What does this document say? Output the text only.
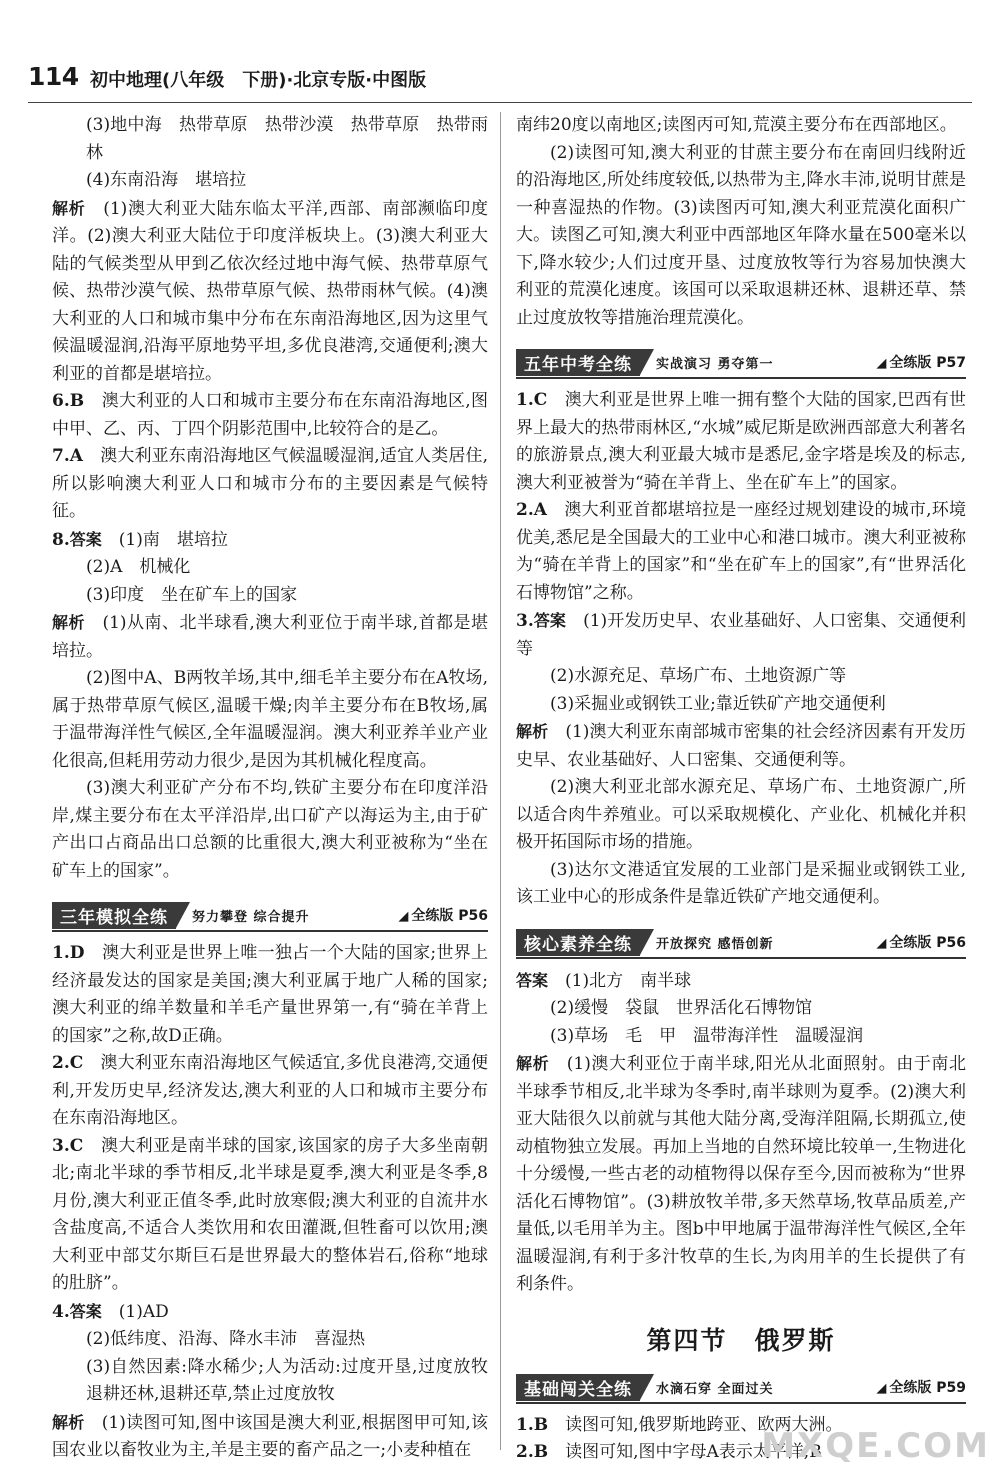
114 初中地理(八年级　下册)·北京专版·中图版

(3)地中海　热带草原　热带沙漠　热带草原　热带雨林

(4)东南沿海　堪培拉

解析　 (1)澳大利亚大陆东临太平洋,西部、南部濒临印度洋。(2)澳大利亚大陆位于印度洋板块上。(3)澳大利亚大陆的气候类型从甲到乙依次经过地中海气候、热带草原气候、热带沙漠气候、热带草原气候、热带雨林气候。(4)澳大利亚的人口和城市集中分布在东南沿海地区,因为这里气候温暖湿润,沿海平原地势平坦,多优良港湾,交通便利;澳大利亚的首都是堪培拉。

6.B　 澳大利亚的人口和城市主要分布在东南沿海地区,图中甲、乙、丙、丁四个阴影范围中,比较符合的是乙。

7.A　 澳大利亚东南沿海地区气候温暖湿润,适宜人类居住,所以影响澳大利亚人口和城市分布的主要因素是气候特征。

8.答案　 (1)南　堪培拉

(2)A　机械化

(3)印度　坐在矿车上的国家

解析　 (1)从南、北半球看,澳大利亚位于南半球,首都是堪培拉。

(2)图中A、B两牧羊场,其中,细毛羊主要分布在A牧场,属于热带草原气候区,温暖干燥;肉羊主要分布在B牧场,属于温带海洋性气候区,全年温暖湿润。澳大利亚养羊业产业化很高,但耗用劳动力很少,是因为其机械化程度高。

(3)澳大利亚矿产分布不均,铁矿主要分布在印度洋沿岸,煤主要分布在太平洋沿岸,出口矿产以海运为主,由于矿产出口占商品出口总额的比重很大,澳大利亚被称为“坐在矿车上的国家”。

三年模拟全练	努力攀登 综合提升	◢ 全练版 P56

1.D　 澳大利亚是世界上唯一独占一个大陆的国家;世界上经济最发达的国家是美国;澳大利亚属于地广人稀的国家;澳大利亚的绵羊数量和羊毛产量世界第一,有“骑在羊背上的国家”之称,故D正确。

2.C　 澳大利亚东南沿海地区气候适宜,多优良港湾,交通便利,开发历史早,经济发达,澳大利亚的人口和城市主要分布在东南沿海地区。

3.C　 澳大利亚是南半球的国家,该国家的房子大多坐南朝北;南北半球的季节相反,北半球是夏季,澳大利亚是冬季,8月份,澳大利亚正值冬季,此时放寒假;澳大利亚的自流井水含盐度高,不适合人类饮用和农田灌溉,但牲畜可以饮用;澳大利亚中部艾尔斯巨石是世界最大的整体岩石,俗称“地球的肚脐”。

4.答案　 (1)AD

(2)低纬度、沿海、降水丰沛　喜湿热

(3)自然因素:降水稀少;人为活动:过度开垦,过度放牧　退耕还林,退耕还草,禁止过度放牧

解析　 (1)读图可知,图中该国是澳大利亚,根据图甲可知,该国农业以畜牧业为主,羊是主要的畜产品之一;小麦种植在

南纬20度以南地区;读图丙可知,荒漠主要分布在西部地区。

(2)读图可知,澳大利亚的甘蔗主要分布在南回归线附近的沿海地区,所处纬度较低,以热带为主,降水丰沛,说明甘蔗是一种喜湿热的作物。(3)读图丙可知,澳大利亚荒漠化面积广大。读图乙可知,澳大利亚中西部地区年降水量在500毫米以下,降水较少;人们过度开垦、过度放牧等行为容易加快澳大利亚的荒漠化速度。该国可以采取退耕还林、退耕还草、禁止过度放牧等措施治理荒漠化。

五年中考全练	实战演习 勇夺第一	◢ 全练版 P57

1.C　 澳大利亚是世界上唯一拥有整个大陆的国家,巴西有世界上最大的热带雨林区,“水城”威尼斯是欧洲西部意大利著名的旅游景点,澳大利亚最大城市是悉尼,金字塔是埃及的标志,澳大利亚被誉为“骑在羊背上、坐在矿车上”的国家。

2.A　 澳大利亚首都堪培拉是一座经过规划建设的城市,环境优美,悉尼是全国最大的工业中心和港口城市。澳大利亚被称为“骑在羊背上的国家”和“坐在矿车上的国家”,有“世界活化石博物馆”之称。

3.答案　 (1)开发历史早、农业基础好、人口密集、交通便利等

(2)水源充足、草场广布、土地资源广等

(3)采掘业或钢铁工业;靠近铁矿产地交通便利

解析　 (1)澳大利亚东南部城市密集的社会经济因素有开发历史早、农业基础好、人口密集、交通便利等。

(2)澳大利亚北部水源充足、草场广布、土地资源广,所以适合肉牛养殖业。可以采取规模化、产业化、机械化并积极开拓国际市场的措施。

(3)达尔文港适宜发展的工业部门是采掘业或钢铁工业,该工业中心的形成条件是靠近铁矿产地交通便利。

核心素养全练	开放探究 感悟创新	◢ 全练版 P56

答案　 (1)北方　南半球

(2)缓慢　袋鼠　世界活化石博物馆

(3)草场　毛　甲　温带海洋性　温暖湿润

解析　 (1)澳大利亚位于南半球,阳光从北面照射。由于南北半球季节相反,北半球为冬季时,南半球则为夏季。(2)澳大利亚大陆很久以前就与其他大陆分离,受海洋阻隔,长期孤立,使动植物独立发展。再加上当地的自然环境比较单一,生物进化十分缓慢,一些古老的动植物得以保存至今,因而被称为“世界活化石博物馆”。(3)耕放牧羊带,多天然草场,牧草品质差,产量低,以毛用羊为主。图b中甲地属于温带海洋性气候区,全年温暖湿润,有利于多汁牧草的生长,为肉用羊的生长提供了有利条件。

第四节　俄罗斯
基础闯关全练	水滴石穿 全面过关	◢ 全练版 P59

1.B　 读图可知,俄罗斯地跨亚、欧两大洲。

2.B　 读图可知,图中字母A表示太平洋,B

MXQE.COM
